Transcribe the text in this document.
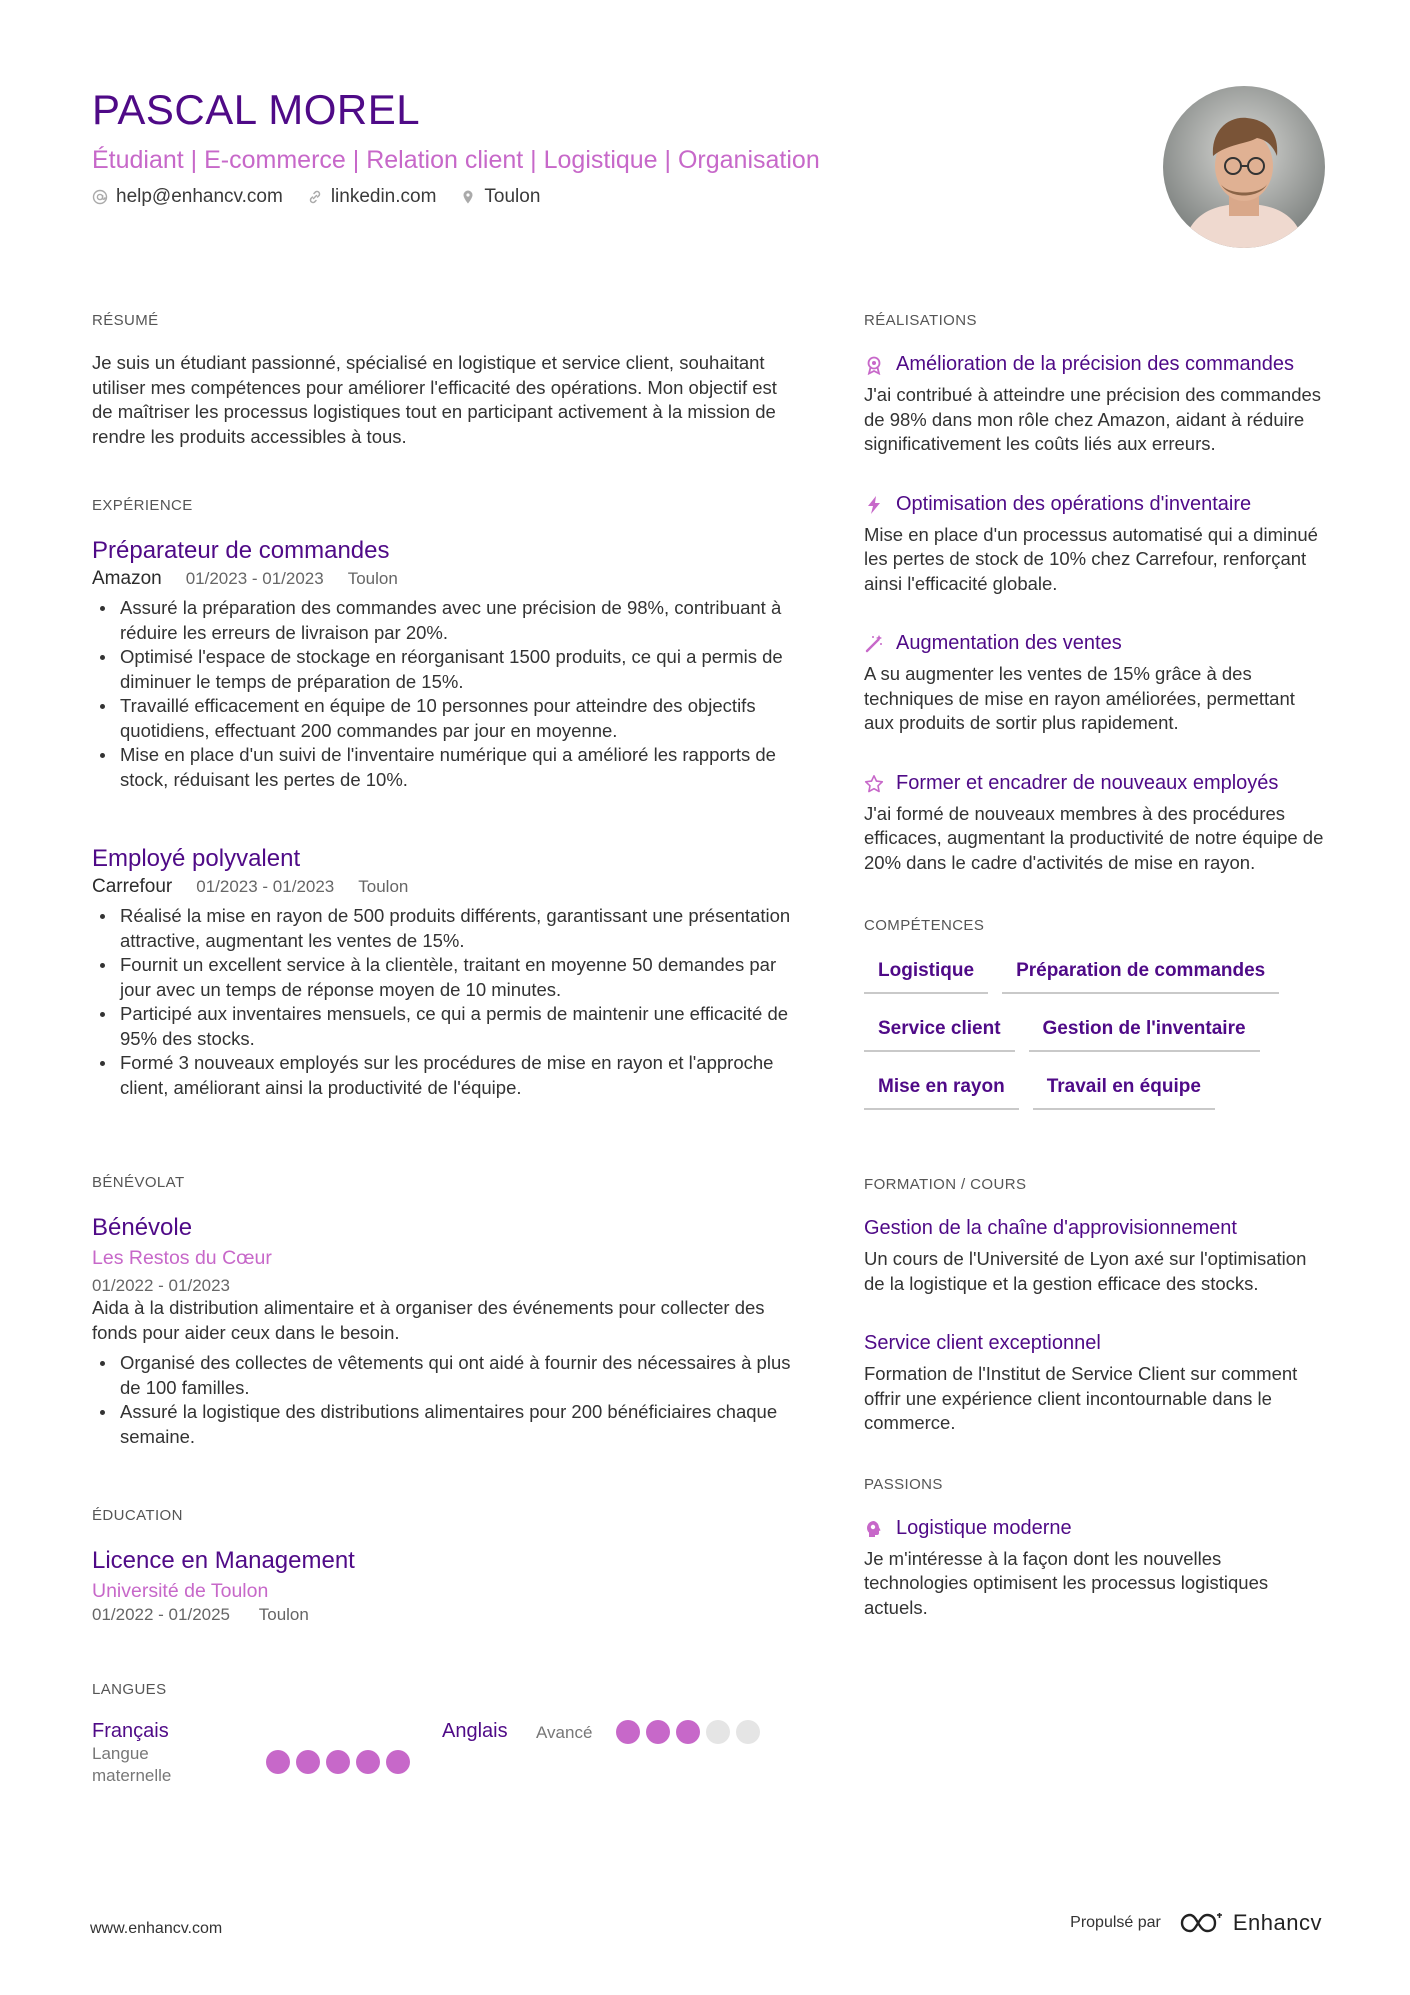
PASCAL MOREL
Étudiant | E-commerce | Relation client | Logistique | Organisation
help@enhancv.com	linkedin.com	Toulon
RÉSUMÉ
Je suis un étudiant passionné, spécialisé en logistique et service client, souhaitant utiliser mes compétences pour améliorer l'efficacité des opérations. Mon objectif est de maîtriser les processus logistiques tout en participant activement à la mission de rendre les produits accessibles à tous.
EXPÉRIENCE
Préparateur de commandes
Amazon 01/2023 - 01/2023 Toulon
Assuré la préparation des commandes avec une précision de 98%, contribuant à réduire les erreurs de livraison par 20%.
Optimisé l'espace de stockage en réorganisant 1500 produits, ce qui a permis de diminuer le temps de préparation de 15%.
Travaillé efficacement en équipe de 10 personnes pour atteindre des objectifs quotidiens, effectuant 200 commandes par jour en moyenne.
Mise en place d'un suivi de l'inventaire numérique qui a amélioré les rapports de stock, réduisant les pertes de 10%.
Employé polyvalent
Carrefour 01/2023 - 01/2023 Toulon
Réalisé la mise en rayon de 500 produits différents, garantissant une présentation attractive, augmentant les ventes de 15%.
Fournit un excellent service à la clientèle, traitant en moyenne 50 demandes par jour avec un temps de réponse moyen de 10 minutes.
Participé aux inventaires mensuels, ce qui a permis de maintenir une efficacité de 95% des stocks.
Formé 3 nouveaux employés sur les procédures de mise en rayon et l'approche client, améliorant ainsi la productivité de l'équipe.
BÉNÉVOLAT
Bénévole
Les Restos du Cœur
01/2022 - 01/2023
Aida à la distribution alimentaire et à organiser des événements pour collecter des fonds pour aider ceux dans le besoin.
Organisé des collectes de vêtements qui ont aidé à fournir des nécessaires à plus de 100 familles.
Assuré la logistique des distributions alimentaires pour 200 bénéficiaires chaque semaine.
ÉDUCATION
Licence en Management
Université de Toulon
01/2022 - 01/2025 Toulon
LANGUES
Français
Langue maternelle
Anglais	Avancé
RÉALISATIONS
Amélioration de la précision des commandes
J'ai contribué à atteindre une précision des commandes de 98% dans mon rôle chez Amazon, aidant à réduire significativement les coûts liés aux erreurs.
Optimisation des opérations d'inventaire
Mise en place d'un processus automatisé qui a diminué les pertes de stock de 10% chez Carrefour, renforçant ainsi l'efficacité globale.
Augmentation des ventes
A su augmenter les ventes de 15% grâce à des techniques de mise en rayon améliorées, permettant aux produits de sortir plus rapidement.
Former et encadrer de nouveaux employés
J'ai formé de nouveaux membres à des procédures efficaces, augmentant la productivité de notre équipe de 20% dans le cadre d'activités de mise en rayon.
COMPÉTENCES
Logistique	Préparation de commandes
Service client	Gestion de l'inventaire
Mise en rayon	Travail en équipe
FORMATION / COURS
Gestion de la chaîne d'approvisionnement
Un cours de l'Université de Lyon axé sur l'optimisation de la logistique et la gestion efficace des stocks.
Service client exceptionnel
Formation de l'Institut de Service Client sur comment offrir une expérience client incontournable dans le commerce.
PASSIONS
Logistique moderne
Je m'intéresse à la façon dont les nouvelles technologies optimisent les processus logistiques actuels.
www.enhancv.com	Propulsé par	Enhancv
